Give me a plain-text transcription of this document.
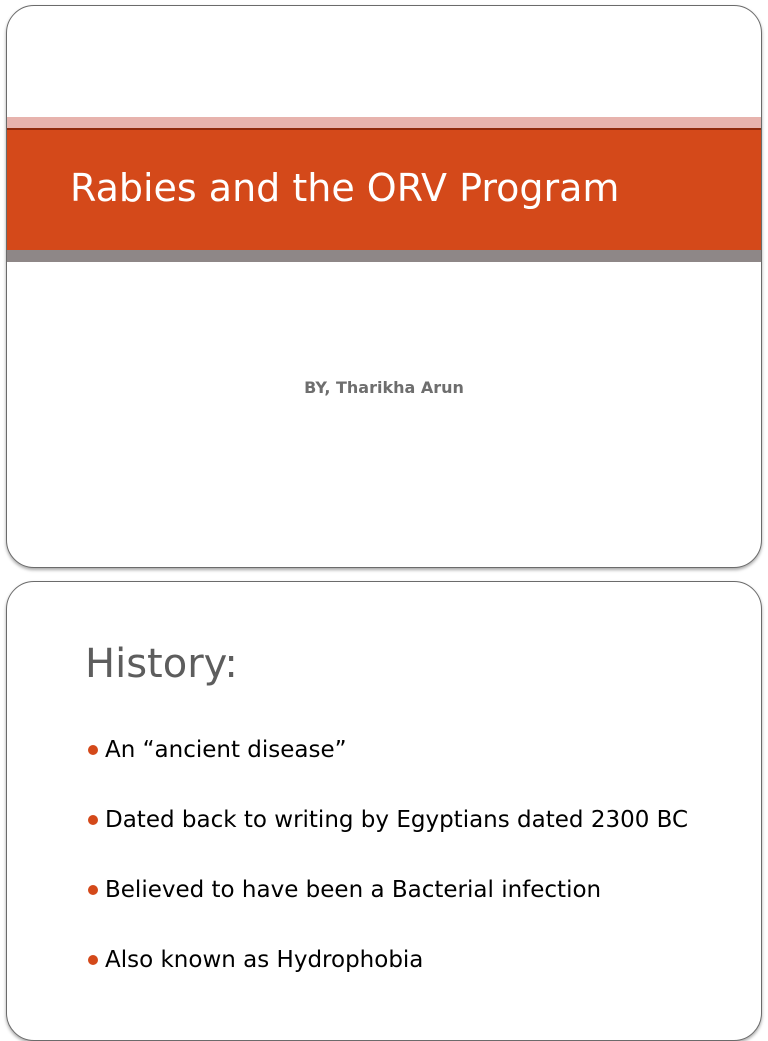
Rabies and the ORV Program

BY, Tharikha Arun

History:
An “ancient disease”
Dated back to writing by Egyptians dated 2300 BC
Believed to have been a Bacterial infection
Also known as Hydrophobia
